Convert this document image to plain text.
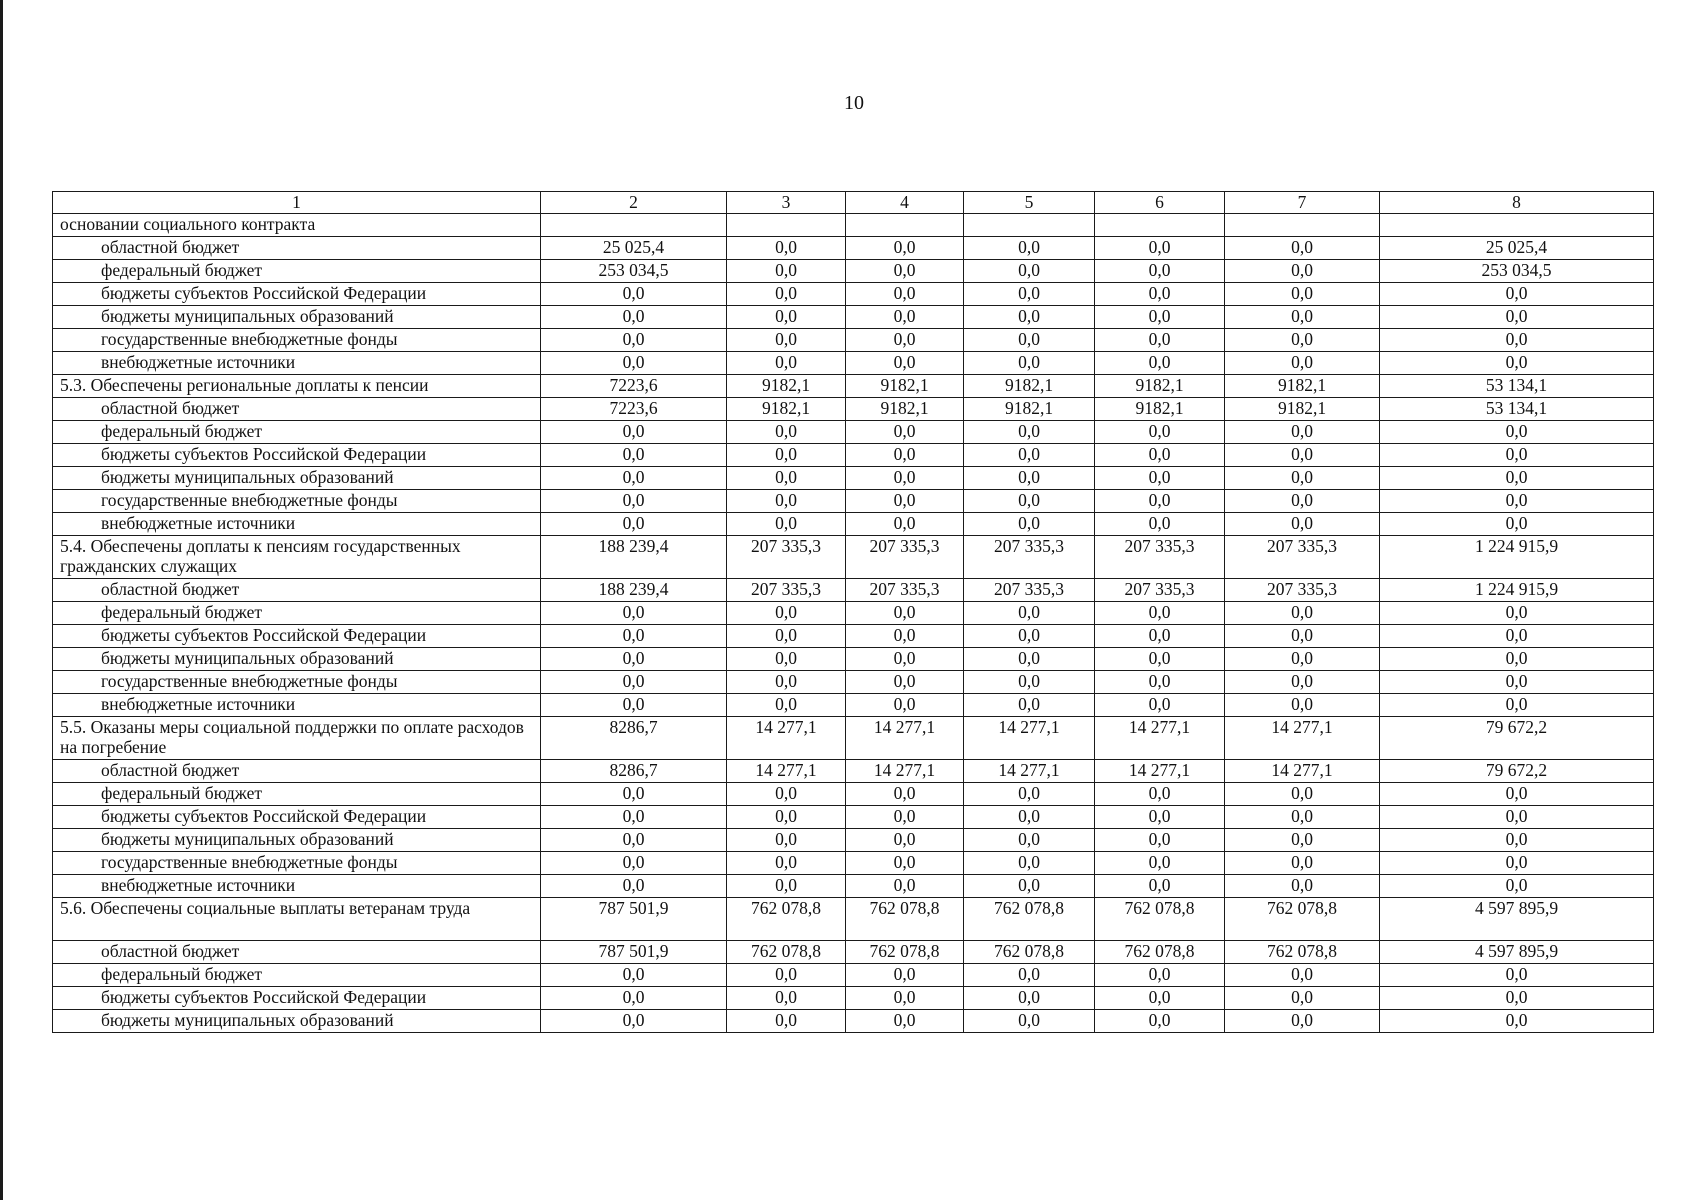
10
1	2	3	4	5	6	7	8
основании социального контракта							
областной бюджет	25 025,4	0,0	0,0	0,0	0,0	0,0	25 025,4
федеральный бюджет	253 034,5	0,0	0,0	0,0	0,0	0,0	253 034,5
бюджеты субъектов Российской Федерации	0,0	0,0	0,0	0,0	0,0	0,0	0,0
бюджеты муниципальных образований	0,0	0,0	0,0	0,0	0,0	0,0	0,0
государственные внебюджетные фонды	0,0	0,0	0,0	0,0	0,0	0,0	0,0
внебюджетные источники	0,0	0,0	0,0	0,0	0,0	0,0	0,0
5.3. Обеспечены региональные доплаты к пенсии	7223,6	9182,1	9182,1	9182,1	9182,1	9182,1	53 134,1
областной бюджет	7223,6	9182,1	9182,1	9182,1	9182,1	9182,1	53 134,1
федеральный бюджет	0,0	0,0	0,0	0,0	0,0	0,0	0,0
бюджеты субъектов Российской Федерации	0,0	0,0	0,0	0,0	0,0	0,0	0,0
бюджеты муниципальных образований	0,0	0,0	0,0	0,0	0,0	0,0	0,0
государственные внебюджетные фонды	0,0	0,0	0,0	0,0	0,0	0,0	0,0
внебюджетные источники	0,0	0,0	0,0	0,0	0,0	0,0	0,0
5.4. Обеспечены доплаты к пенсиям государственных гражданских служащих	188 239,4	207 335,3	207 335,3	207 335,3	207 335,3	207 335,3	1 224 915,9
областной бюджет	188 239,4	207 335,3	207 335,3	207 335,3	207 335,3	207 335,3	1 224 915,9
федеральный бюджет	0,0	0,0	0,0	0,0	0,0	0,0	0,0
бюджеты субъектов Российской Федерации	0,0	0,0	0,0	0,0	0,0	0,0	0,0
бюджеты муниципальных образований	0,0	0,0	0,0	0,0	0,0	0,0	0,0
государственные внебюджетные фонды	0,0	0,0	0,0	0,0	0,0	0,0	0,0
внебюджетные источники	0,0	0,0	0,0	0,0	0,0	0,0	0,0
5.5. Оказаны меры социальной поддержки по оплате расходов на погребение	8286,7	14 277,1	14 277,1	14 277,1	14 277,1	14 277,1	79 672,2
областной бюджет	8286,7	14 277,1	14 277,1	14 277,1	14 277,1	14 277,1	79 672,2
федеральный бюджет	0,0	0,0	0,0	0,0	0,0	0,0	0,0
бюджеты субъектов Российской Федерации	0,0	0,0	0,0	0,0	0,0	0,0	0,0
бюджеты муниципальных образований	0,0	0,0	0,0	0,0	0,0	0,0	0,0
государственные внебюджетные фонды	0,0	0,0	0,0	0,0	0,0	0,0	0,0
внебюджетные источники	0,0	0,0	0,0	0,0	0,0	0,0	0,0
5.6. Обеспечены социальные выплаты ветеранам труда	787 501,9	762 078,8	762 078,8	762 078,8	762 078,8	762 078,8	4 597 895,9
областной бюджет	787 501,9	762 078,8	762 078,8	762 078,8	762 078,8	762 078,8	4 597 895,9
федеральный бюджет	0,0	0,0	0,0	0,0	0,0	0,0	0,0
бюджеты субъектов Российской Федерации	0,0	0,0	0,0	0,0	0,0	0,0	0,0
бюджеты муниципальных образований	0,0	0,0	0,0	0,0	0,0	0,0	0,0
